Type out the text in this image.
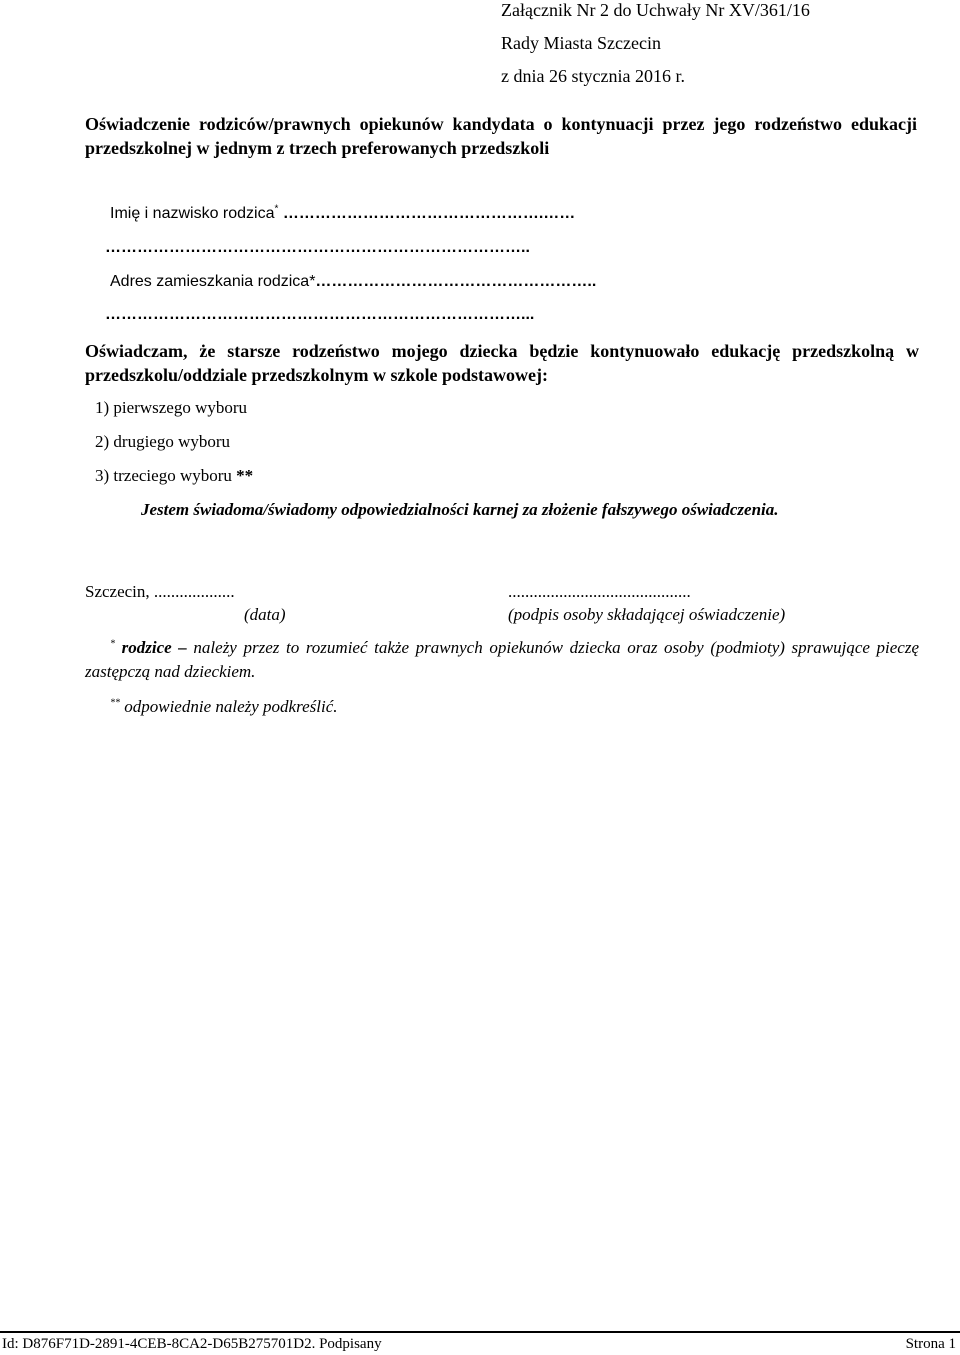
Załącznik Nr 2 do Uchwały Nr XV/361/16
Rady Miasta Szczecin
z dnia 26 stycznia 2016 r.
Oświadczenie rodziców/prawnych opiekunów kandydata o kontynuacji przez jego rodzeństwo edukacji przedszkolnej w jednym z trzech preferowanych przedszkoli
Imię i nazwisko rodzica* ………………………………………….……
……………………………………………………………………..
Adres zamieszkania rodzica*……………………………………………..
……………………………………………………………………...
Oświadczam, że starsze rodzeństwo mojego dziecka będzie kontynuowało edukację przedszkolną w przedszkolu/oddziale przedszkolnym w szkole podstawowej:
1) pierwszego wyboru
2) drugiego wyboru
3) trzeciego wyboru **
Jestem świadoma/świadomy odpowiedzialności karnej za złożenie fałszywego oświadczenia.
Szczecin, ...................
(data)
...........................................
(podpis osoby składającej oświadczenie)
* rodzice – należy przez to rozumieć także prawnych opiekunów dziecka oraz osoby (podmioty) sprawujące pieczę zastępczą nad dzieckiem.
** odpowiednie należy podkreślić.
Id: D876F71D-2891-4CEB-8CA2-D65B275701D2. Podpisany	Strona 1
